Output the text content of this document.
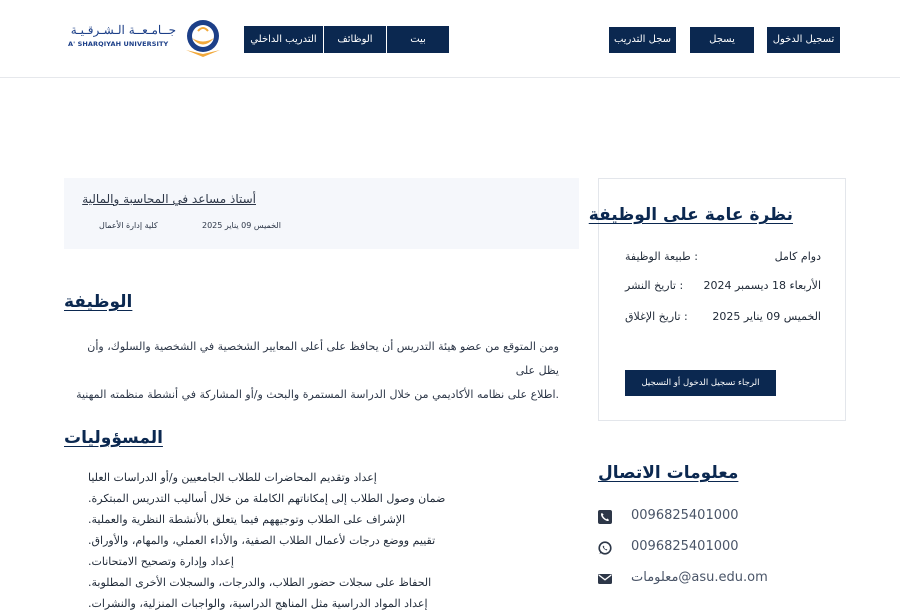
جــامـعــة الـشـرقـيـة
A' SHARQIYAH UNIVERSITY	التدريب الداخلي	الوظائف	بيت	سجل التدريب	يسجل	تسجيل الدخول
أستاذ مساعد في المحاسبة والمالية
الخميس 09 يناير 2025
كلية إدارة الأعمال
الوظيفة
ومن المتوقع من عضو هيئة التدريس أن يحافظ على أعلى المعايير الشخصية في الشخصية والسلوك، وأن يظل على
.اطلاع على نظامه الأكاديمي من خلال الدراسة المستمرة والبحث و/أو المشاركة في أنشطة منظمته المهنية
المسؤوليات
إعداد وتقديم المحاضرات للطلاب الجامعيين و/أو الدراسات العليا
.ضمان وصول الطلاب إلى إمكاناتهم الكاملة من خلال أساليب التدريس المبتكرة
.الإشراف على الطلاب وتوجيههم فيما يتعلق بالأنشطة النظرية والعملية
.تقييم ووضع درجات لأعمال الطلاب الصفية، والأداء العملي، والمهام، والأوراق
.إعداد وإدارة وتصحيح الامتحانات
.الحفاظ على سجلات حضور الطلاب، والدرجات، والسجلات الأخرى المطلوبة
.إعداد المواد الدراسية مثل المناهج الدراسية، والواجبات المنزلية، والنشرات
نظرة عامة على الوظيفة
: طبيعة الوظيفة	دوام كامل
: تاريخ النشر الأربعاء 18 ديسمبر 2024
: تاريخ الإغلاق الخميس 09 يناير 2025
الرجاء تسجيل الدخول أو التسجيل
معلومات الاتصال
0096825401000
0096825401000
معلومات@asu.edu.om
